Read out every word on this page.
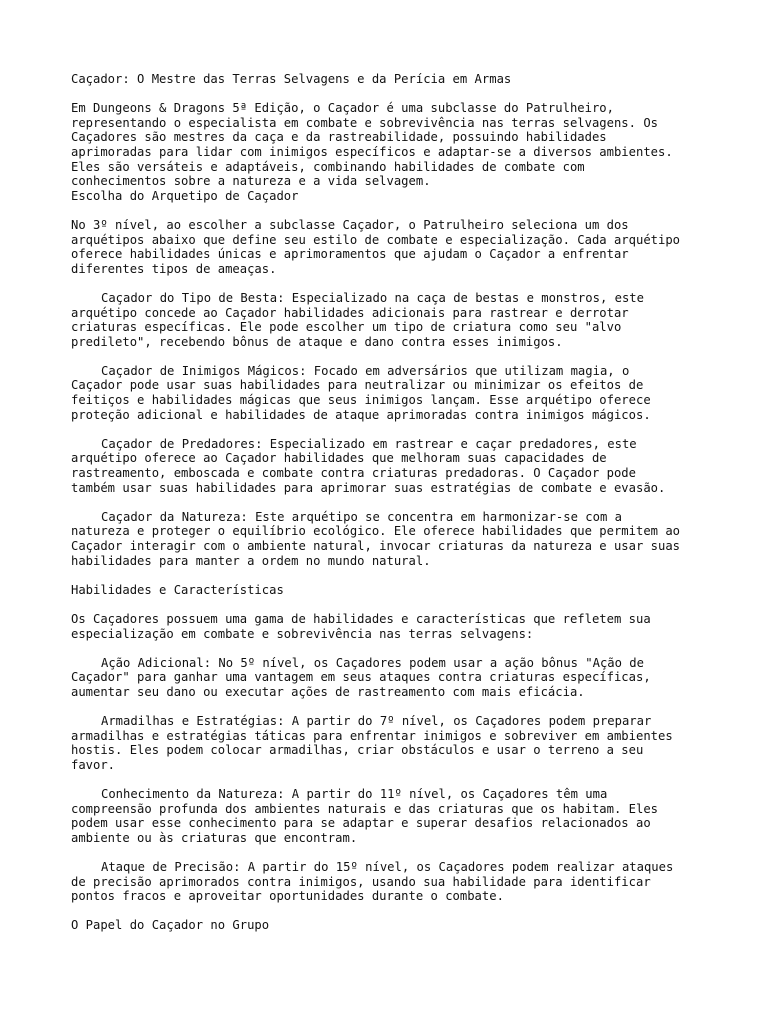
Caçador: O Mestre das Terras Selvagens e da Perícia em Armas

Em Dungeons & Dragons 5ª Edição, o Caçador é uma subclasse do Patrulheiro,
representando o especialista em combate e sobrevivência nas terras selvagens. Os
Caçadores são mestres da caça e da rastreabilidade, possuindo habilidades
aprimoradas para lidar com inimigos específicos e adaptar-se a diversos ambientes.
Eles são versáteis e adaptáveis, combinando habilidades de combate com
conhecimentos sobre a natureza e a vida selvagem.

Escolha do Arquetipo de Caçador

No 3º nível, ao escolher a subclasse Caçador, o Patrulheiro seleciona um dos
arquétipos abaixo que define seu estilo de combate e especialização. Cada arquétipo
oferece habilidades únicas e aprimoramentos que ajudam o Caçador a enfrentar
diferentes tipos de ameaças.

Caçador do Tipo de Besta: Especializado na caça de bestas e monstros, este
arquétipo concede ao Caçador habilidades adicionais para rastrear e derrotar
criaturas específicas. Ele pode escolher um tipo de criatura como seu "alvo
predileto", recebendo bônus de ataque e dano contra esses inimigos.

Caçador de Inimigos Mágicos: Focado em adversários que utilizam magia, o
Caçador pode usar suas habilidades para neutralizar ou minimizar os efeitos de
feitiços e habilidades mágicas que seus inimigos lançam. Esse arquétipo oferece
proteção adicional e habilidades de ataque aprimoradas contra inimigos mágicos.

Caçador de Predadores: Especializado em rastrear e caçar predadores, este
arquétipo oferece ao Caçador habilidades que melhoram suas capacidades de
rastreamento, emboscada e combate contra criaturas predadoras. O Caçador pode
também usar suas habilidades para aprimorar suas estratégias de combate e evasão.

Caçador da Natureza: Este arquétipo se concentra em harmonizar-se com a
natureza e proteger o equilíbrio ecológico. Ele oferece habilidades que permitem ao
Caçador interagir com o ambiente natural, invocar criaturas da natureza e usar suas
habilidades para manter a ordem no mundo natural.

Habilidades e Características

Os Caçadores possuem uma gama de habilidades e características que refletem sua
especialização em combate e sobrevivência nas terras selvagens:

Ação Adicional: No 5º nível, os Caçadores podem usar a ação bônus "Ação de
Caçador" para ganhar uma vantagem em seus ataques contra criaturas específicas,
aumentar seu dano ou executar ações de rastreamento com mais eficácia.

Armadilhas e Estratégias: A partir do 7º nível, os Caçadores podem preparar
armadilhas e estratégias táticas para enfrentar inimigos e sobreviver em ambientes
hostis. Eles podem colocar armadilhas, criar obstáculos e usar o terreno a seu
favor.

Conhecimento da Natureza: A partir do 11º nível, os Caçadores têm uma
compreensão profunda dos ambientes naturais e das criaturas que os habitam. Eles
podem usar esse conhecimento para se adaptar e superar desafios relacionados ao
ambiente ou às criaturas que encontram.

Ataque de Precisão: A partir do 15º nível, os Caçadores podem realizar ataques
de precisão aprimorados contra inimigos, usando sua habilidade para identificar
pontos fracos e aproveitar oportunidades durante o combate.

O Papel do Caçador no Grupo
